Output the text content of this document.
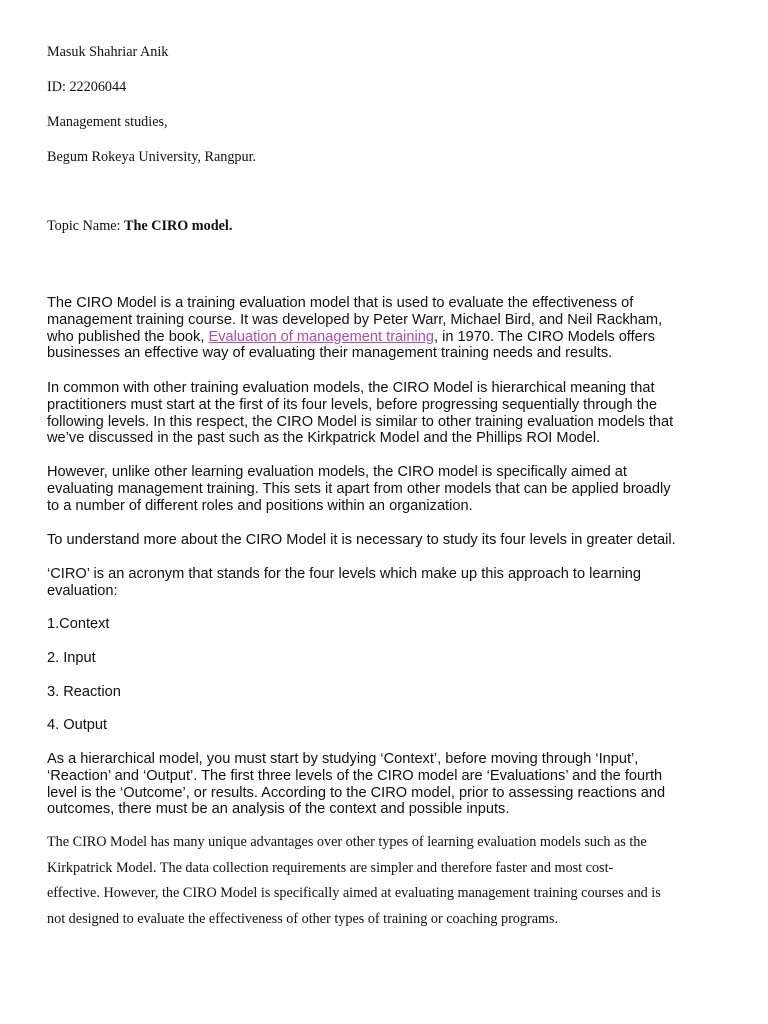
Masuk Shahriar Anik

ID: 22206044

Management studies,

Begum Rokeya University, Rangpur.

Topic Name: The CIRO model.

The CIRO Model is a training evaluation model that is used to evaluate the effectiveness of
management training course. It was developed by Peter Warr, Michael Bird, and Neil Rackham,
who published the book, Evaluation of management training, in 1970. The CIRO Models offers
businesses an effective way of evaluating their management training needs and results.
In common with other training evaluation models, the CIRO Model is hierarchical meaning that
practitioners must start at the first of its four levels, before progressing sequentially through the
following levels. In this respect, the CIRO Model is similar to other training evaluation models that
we’ve discussed in the past such as the Kirkpatrick Model and the Phillips ROI Model.
However, unlike other learning evaluation models, the CIRO model is specifically aimed at
evaluating management training. This sets it apart from other models that can be applied broadly
to a number of different roles and positions within an organization.
To understand more about the CIRO Model it is necessary to study its four levels in greater detail.
‘CIRO’ is an acronym that stands for the four levels which make up this approach to learning
evaluation:

1.Context

2. Input

3. Reaction

4. Output

As a hierarchical model, you must start by studying ‘Context’, before moving through ‘Input’,
‘Reaction’ and ‘Output’. The first three levels of the CIRO model are ‘Evaluations’ and the fourth
level is the ‘Outcome’, or results. According to the CIRO model, prior to assessing reactions and
outcomes, there must be an analysis of the context and possible inputs.
The CIRO Model has many unique advantages over other types of learning evaluation models such as the
Kirkpatrick Model. The data collection requirements are simpler and therefore faster and most cost-
effective. However, the CIRO Model is specifically aimed at evaluating management training courses and is
not designed to evaluate the effectiveness of other types of training or coaching programs.
